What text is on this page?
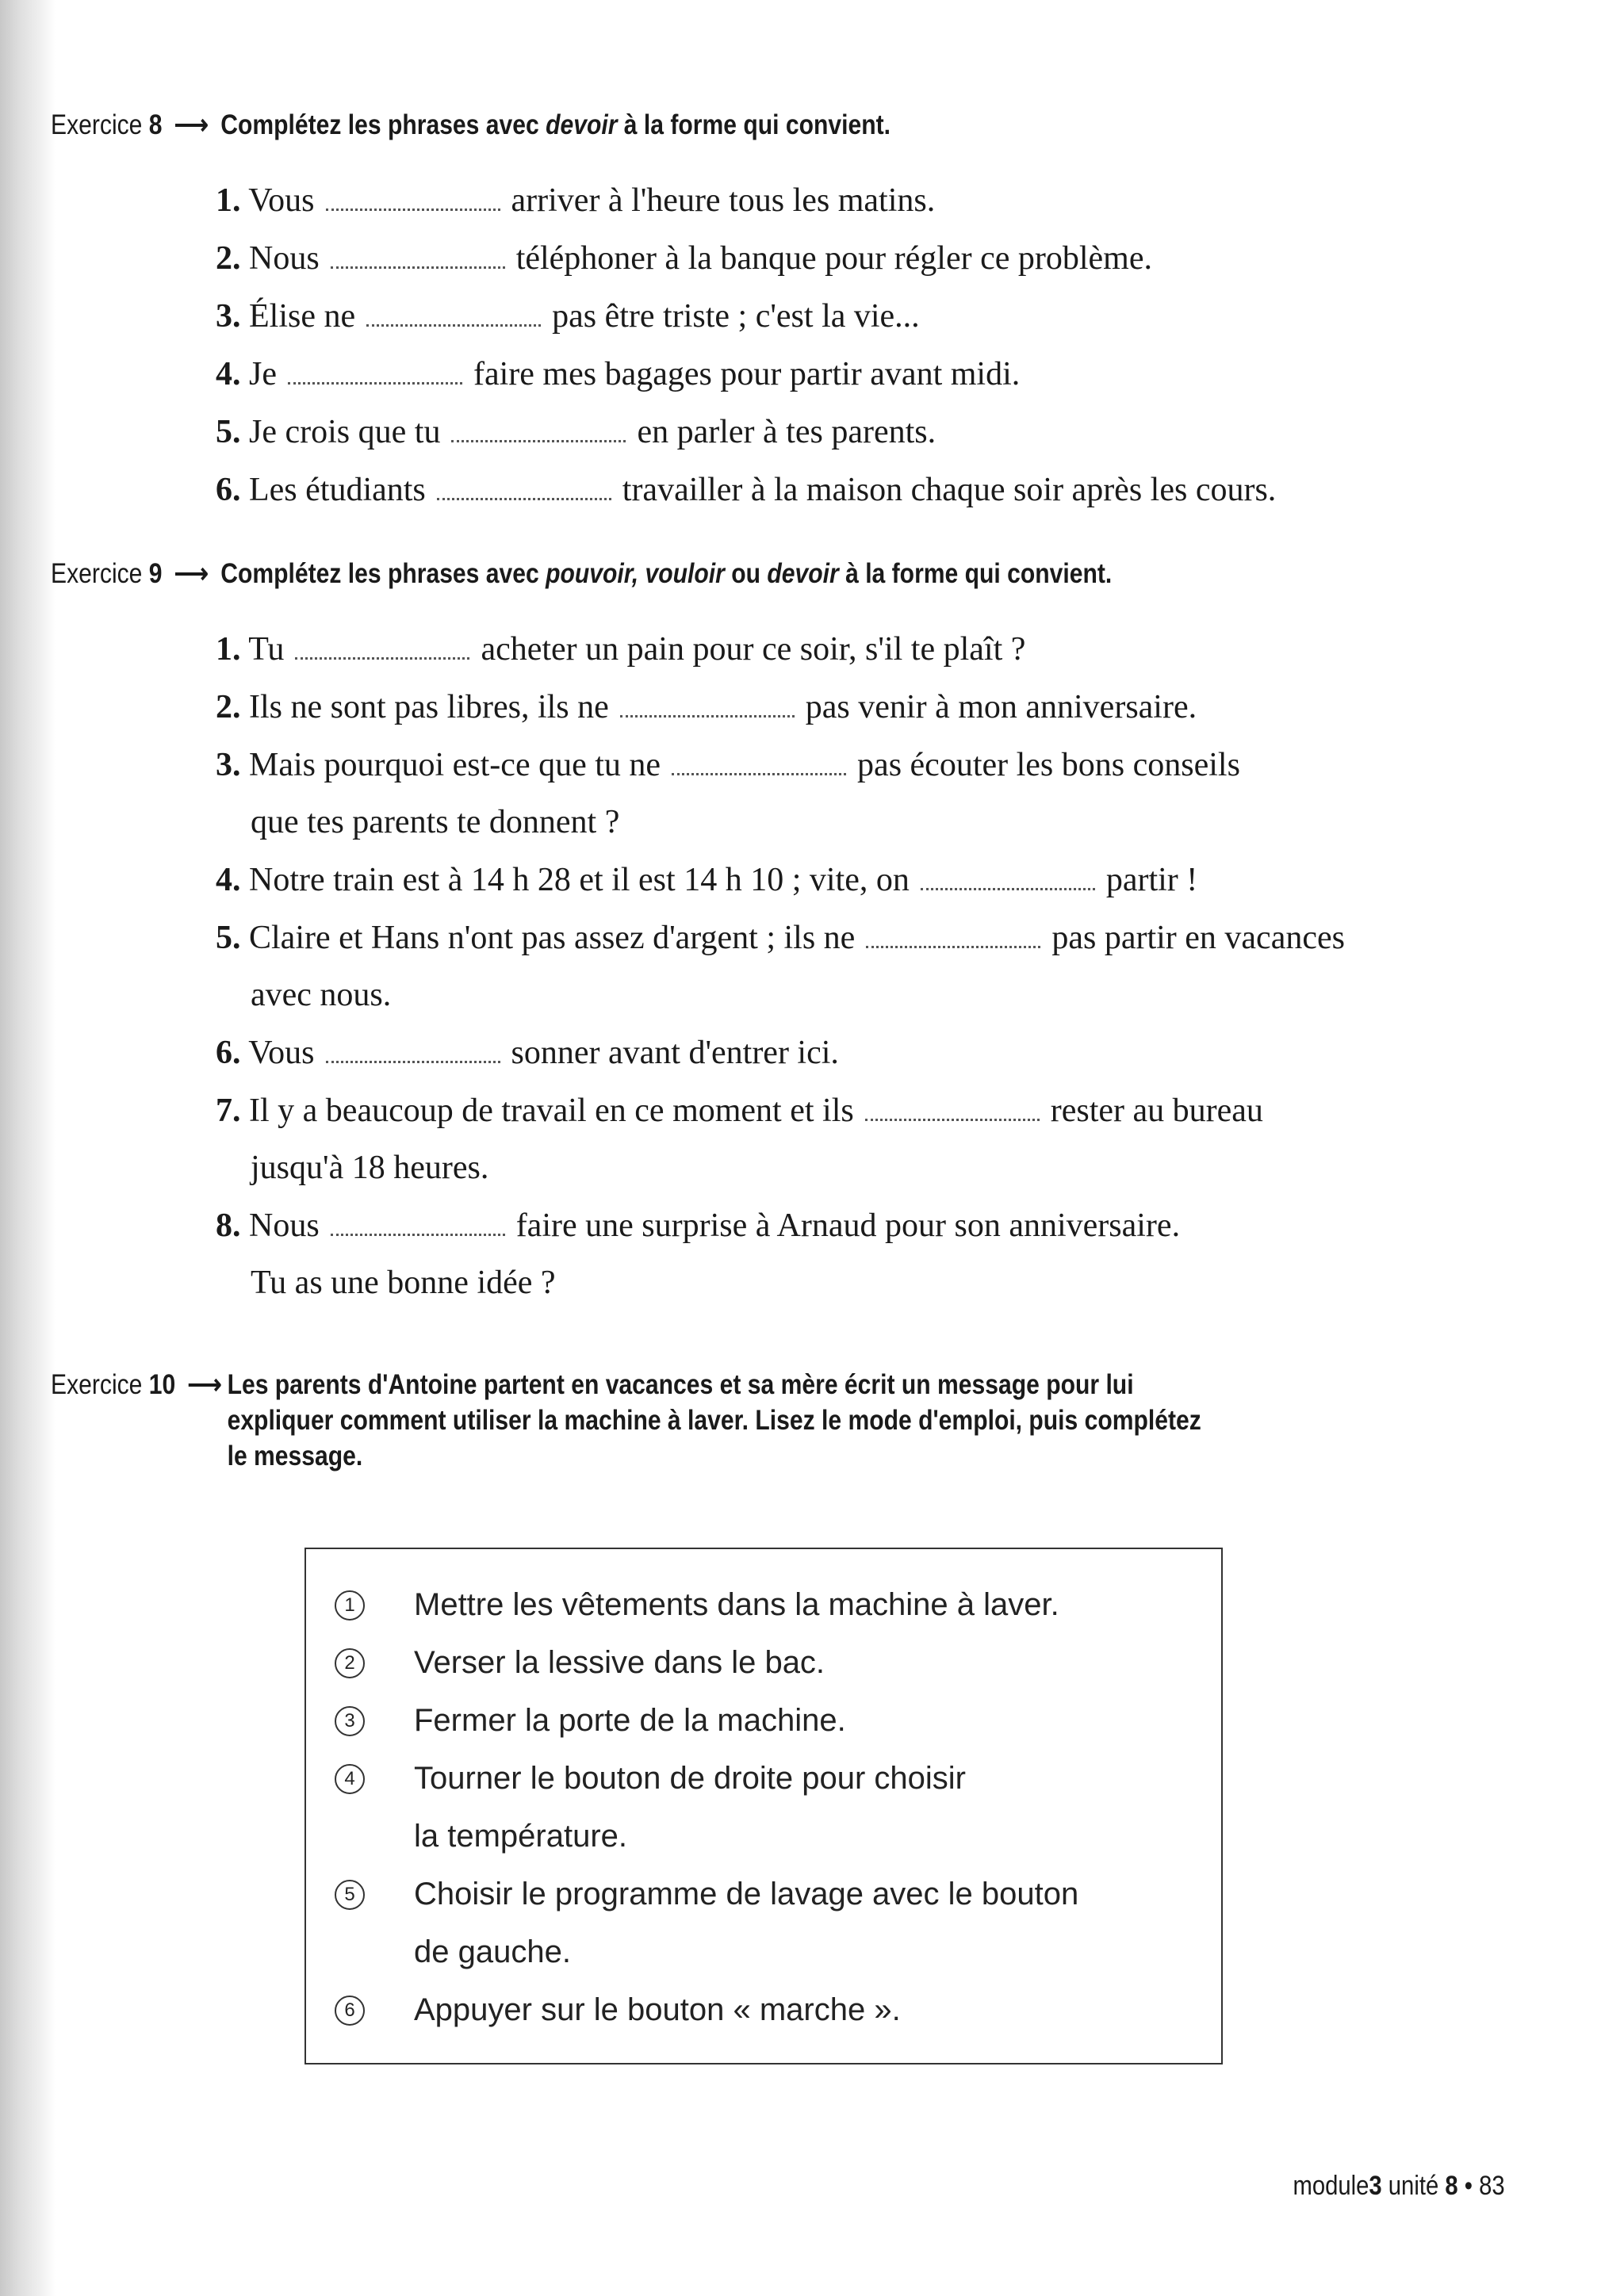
Exercice 8 ⟶ Complétez les phrases avec devoir à la forme qui convient.
1. Vous	arriver à l'heure tous les matins.
2. Nous	téléphoner à la banque pour régler ce problème.
3. Élise ne	pas être triste ; c'est la vie...
4. Je	faire mes bagages pour partir avant midi.
5. Je crois que tu	en parler à tes parents.
6. Les étudiants	travailler à la maison chaque soir après les cours.
Exercice 9 ⟶ Complétez les phrases avec pouvoir, vouloir ou devoir à la forme qui convient.
1. Tu	acheter un pain pour ce soir, s'il te plaît ?
2. Ils ne sont pas libres, ils ne	pas venir à mon anniversaire.
3. Mais pourquoi est-ce que tu ne	pas écouter les bons conseils
que tes parents te donnent ?
4. Notre train est à 14 h 28 et il est 14 h 10 ; vite, on	partir !
5. Claire et Hans n'ont pas assez d'argent ; ils ne	pas partir en vacances
avec nous.
6. Vous	sonner avant d'entrer ici.
7. Il y a beaucoup de travail en ce moment et ils	rester au bureau
jusqu'à 18 heures.
8. Nous	faire une surprise à Arnaud pour son anniversaire.
Tu as une bonne idée ?
Exercice 10 ⟶ Les parents d'Antoine partent en vacances et sa mère écrit un message pour lui
expliquer comment utiliser la machine à laver. Lisez le mode d'emploi, puis complétez
le message.
1	Mettre les vêtements dans la machine à laver.
2	Verser la lessive dans le bac.
3	Fermer la porte de la machine.
4	Tourner le bouton de droite pour choisir
la température.
5	Choisir le programme de lavage avec le bouton
de gauche.
6	Appuyer sur le bouton « marche ».
module3 unité 8 • 83
